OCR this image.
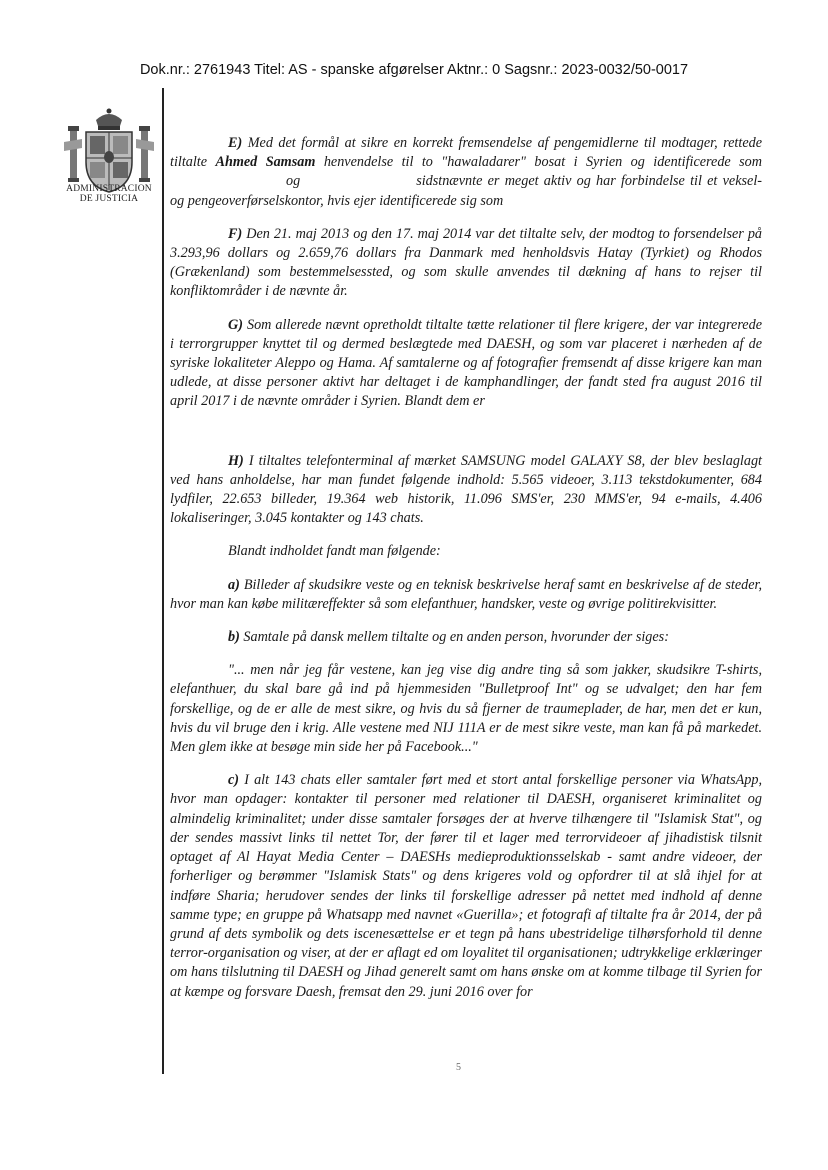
Dok.nr.: 2761943 Titel: AS - spanske afgørelser Aktnr.: 0 Sagsnr.: 2023-0032/50-0017
ADMINISTRACION
DE JUSTICIA

E) Med det formål at sikre en korrekt fremsendelse af pengemidlerne til modtager, rettede tiltalte Ahmed Samsam henvendelse til to "hawaladarer" bosat i Syrien og identificerede somog	sidstnævnte er meget aktiv og har forbindelse til et veksel- og pengeoverførselskontor, hvis ejer identificerede sig som

F) Den 21. maj 2013 og den 17. maj 2014 var det tiltalte selv, der modtog to forsendelser på 3.293,96 dollars og 2.659,76 dollars fra Danmark med henholdsvis Hatay (Tyrkiet) og Rhodos (Grækenland) som bestemmelsessted, og som skulle anvendes til dækning af hans to rejser til konfliktområder i de nævnte år.

G) Som allerede nævnt opretholdt tiltalte tætte relationer til flere krigere, der var integrerede i terrorgrupper knyttet til og dermed beslægtede med DAESH, og som var placeret i nærheden af de syriske lokaliteter Aleppo og Hama. Af samtalerne og af fotografier fremsendt af disse krigere kan man udlede, at disse personer aktivt har deltaget i de kamphandlinger, der fandt sted fra august 2016 til april 2017 i de nævnte områder i Syrien. Blandt dem er

H) I tiltaltes telefonterminal af mærket SAMSUNG model GALAXY S8, der blev beslaglagt ved hans anholdelse, har man fundet følgende indhold: 5.565 videoer, 3.113 tekstdokumenter, 684 lydfiler, 22.653 billeder, 19.364 web historik, 11.096 SMS'er, 230 MMS'er, 94 e-mails, 4.406 lokaliseringer, 3.045 kontakter og 143 chats.

Blandt indholdet fandt man følgende:

a) Billeder af skudsikre veste og en teknisk beskrivelse heraf samt en beskrivelse af de steder, hvor man kan købe militæreffekter så som elefanthuer, handsker, veste og øvrige politirekvisitter.

b) Samtale på dansk mellem tiltalte og en anden person, hvorunder der siges:

"... men når jeg får vestene, kan jeg vise dig andre ting så som jakker, skudsikre T-shirts, elefanthuer, du skal bare gå ind på hjemmesiden "Bulletproof Int" og se udvalget; den har fem forskellige, og de er alle de mest sikre, og hvis du så fjerner de traumeplader, de har, men det er kun, hvis du vil bruge den i krig. Alle vestene med NIJ 111A er de mest sikre veste, man kan få på markedet. Men glem ikke at besøge min side her på Facebook..."

c) I alt 143 chats eller samtaler ført med et stort antal forskellige personer via WhatsApp, hvor man opdager: kontakter til personer med relationer til DAESH, organiseret kriminalitet og almindelig kriminalitet; under disse samtaler forsøges der at hverve tilhængere til "Islamisk Stat", og der sendes massivt links til nettet Tor, der fører til et lager med terrorvideoer af jihadistisk tilsnit optaget af Al Hayat Media Center – DAESHs medieproduktionsselskab - samt andre videoer, der forherliger og berømmer "Islamisk Stats" og dens krigeres vold og opfordrer til at slå ihjel for at indføre Sharia; herudover sendes der links til forskellige adresser på nettet med indhold af denne samme type; en gruppe på Whatsapp med navnet «Guerilla»; et fotografi af tiltalte fra år 2014, der på grund af dets symbolik og dets iscenesættelse er et tegn på hans ubestridelige tilhørsforhold til denne terror-organisation og viser, at der er aflagt ed om loyalitet til organisationen; udtrykkelige erklæringer om hans tilslutning til DAESH og Jihad generelt samt om hans ønske om at komme tilbage til Syrien for at kæmpe og forsvare Daesh, fremsat den 29. juni 2016 over for

5
